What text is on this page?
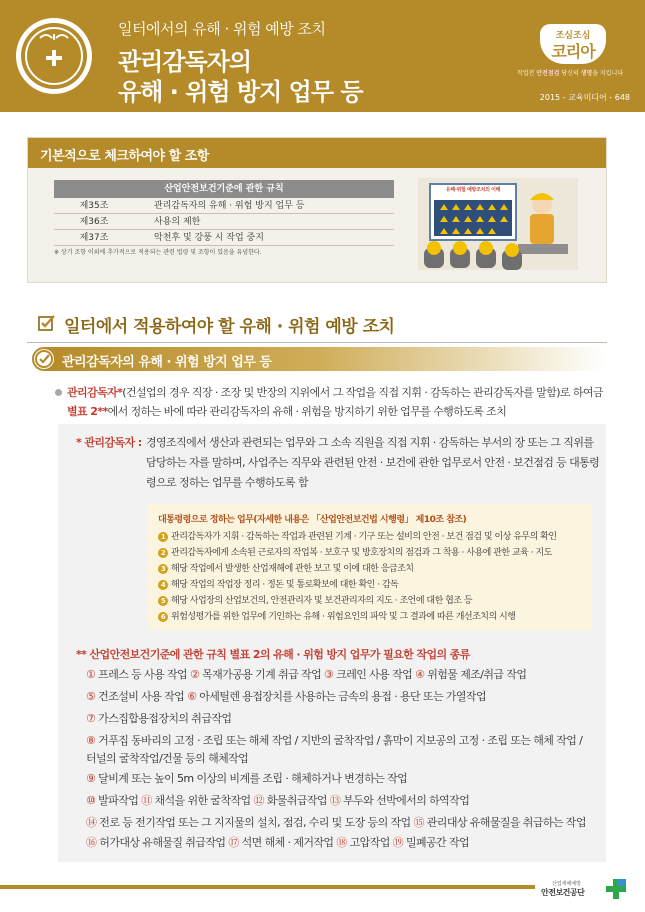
일터에서의 유해 · 위험 예방 조치
관리감독자의
유해 · 위험 방지 업무 등
조심조심
코리아
작업전 안전점검 당신의 생명을 지킵니다
2015 - 교육미디어 - 648
기본적으로 체크하여야 할 조항
산업안전보건기준에 관한 규칙
제35조	관리감독자의 유해 · 위험 방지 업무 등
제36조	사용의 제한
제37조	악천후 및 강풍 시 작업 중지
※ 상기 조항 이외에 추가적으로 적용되는 관련 법령 및 조항이 있음을 유념한다.
유해·위험 예방조치의 이해
일터에서 적용하여야 할 유해 · 위험 예방 조치
관리감독자의 유해 · 위험 방지 업무 등
관리감독자*(건설업의 경우 직장 · 조장 및 반장의 지위에서 그 작업을 직접 지휘 · 감독하는 관리감독자를 말함)로 하여금
별표 2**에서 정하는 바에 따라 관리감독자의 유해 · 위험을 방지하기 위한 업무를 수행하도록 조치
* 관리감독자 : 경영조직에서 생산과 관련되는 업무와 그 소속 직원을 직접 지휘 · 감독하는 부서의 장 또는 그 직위를
담당하는 자를 말하며, 사업주는 직무와 관련된 안전 · 보건에 관한 업무로서 안전 · 보건점검 등 대통령
령으로 정하는 업무를 수행하도록 함
대통령령으로 정하는 업무(자세한 내용은 「산업안전보건법 시행령」 제10조 참조)
1 관리감독자가 지휘 · 감독하는 작업과 관련된 기계 · 기구 또는 설비의 안전 · 보건 점검 및 이상 유무의 확인
2 관리감독자에게 소속된 근로자의 작업복 · 보호구 및 방호장치의 점검과 그 착용 · 사용에 관한 교육 · 지도
3 해당 작업에서 발생한 산업재해에 관한 보고 및 이에 대한 응급조치
4 해당 작업의 작업장 정리 · 정돈 및 통로확보에 대한 확인 · 감독
5 해당 사업장의 산업보건의, 안전관리자 및 보건관리자의 지도 · 조언에 대한 협조 등
6 위험성평가를 위한 업무에 기인하는 유해 · 위험요인의 파악 및 그 결과에 따른 개선조치의 시행
** 산업안전보건기준에 관한 규칙 별표 2의 유해 · 위험 방지 업무가 필요한 작업의 종류
① 프레스 등 사용 작업 ② 목재가공용 기계 취급 작업 ③ 크레인 사용 작업 ④ 위험물 제조/취급 작업
⑤ 건조설비 사용 작업 ⑥ 아세틸렌 용접장치를 사용하는 금속의 용접 · 용단 또는 가열작업
⑦ 가스집합용접장치의 취급작업
⑧ 거푸집 동바리의 고정 · 조립 또는 해체 작업 / 지반의 굴착작업 / 흙막이 지보공의 고정 · 조립 또는 해체 작업 /
터널의 굴착작업/건물 등의 해체작업
⑨ 달비계 또는 높이 5m 이상의 비계를 조립 · 해체하거나 변경하는 작업
⑩ 발파작업 ⑪ 채석을 위한 굴착작업 ⑫ 화물취급작업 ⑬ 부두와 선박에서의 하역작업
⑭ 전로 등 전기작업 또는 그 지지물의 설치, 점검, 수리 및 도장 등의 작업 ⑮ 관리대상 유해물질을 취급하는 작업
⑯ 허가대상 유해물질 취급작업 ⑰ 석면 해체 · 제거작업 ⑱ 고압작업 ⑲ 밀폐공간 작업
산업재해예방
안전보건공단
